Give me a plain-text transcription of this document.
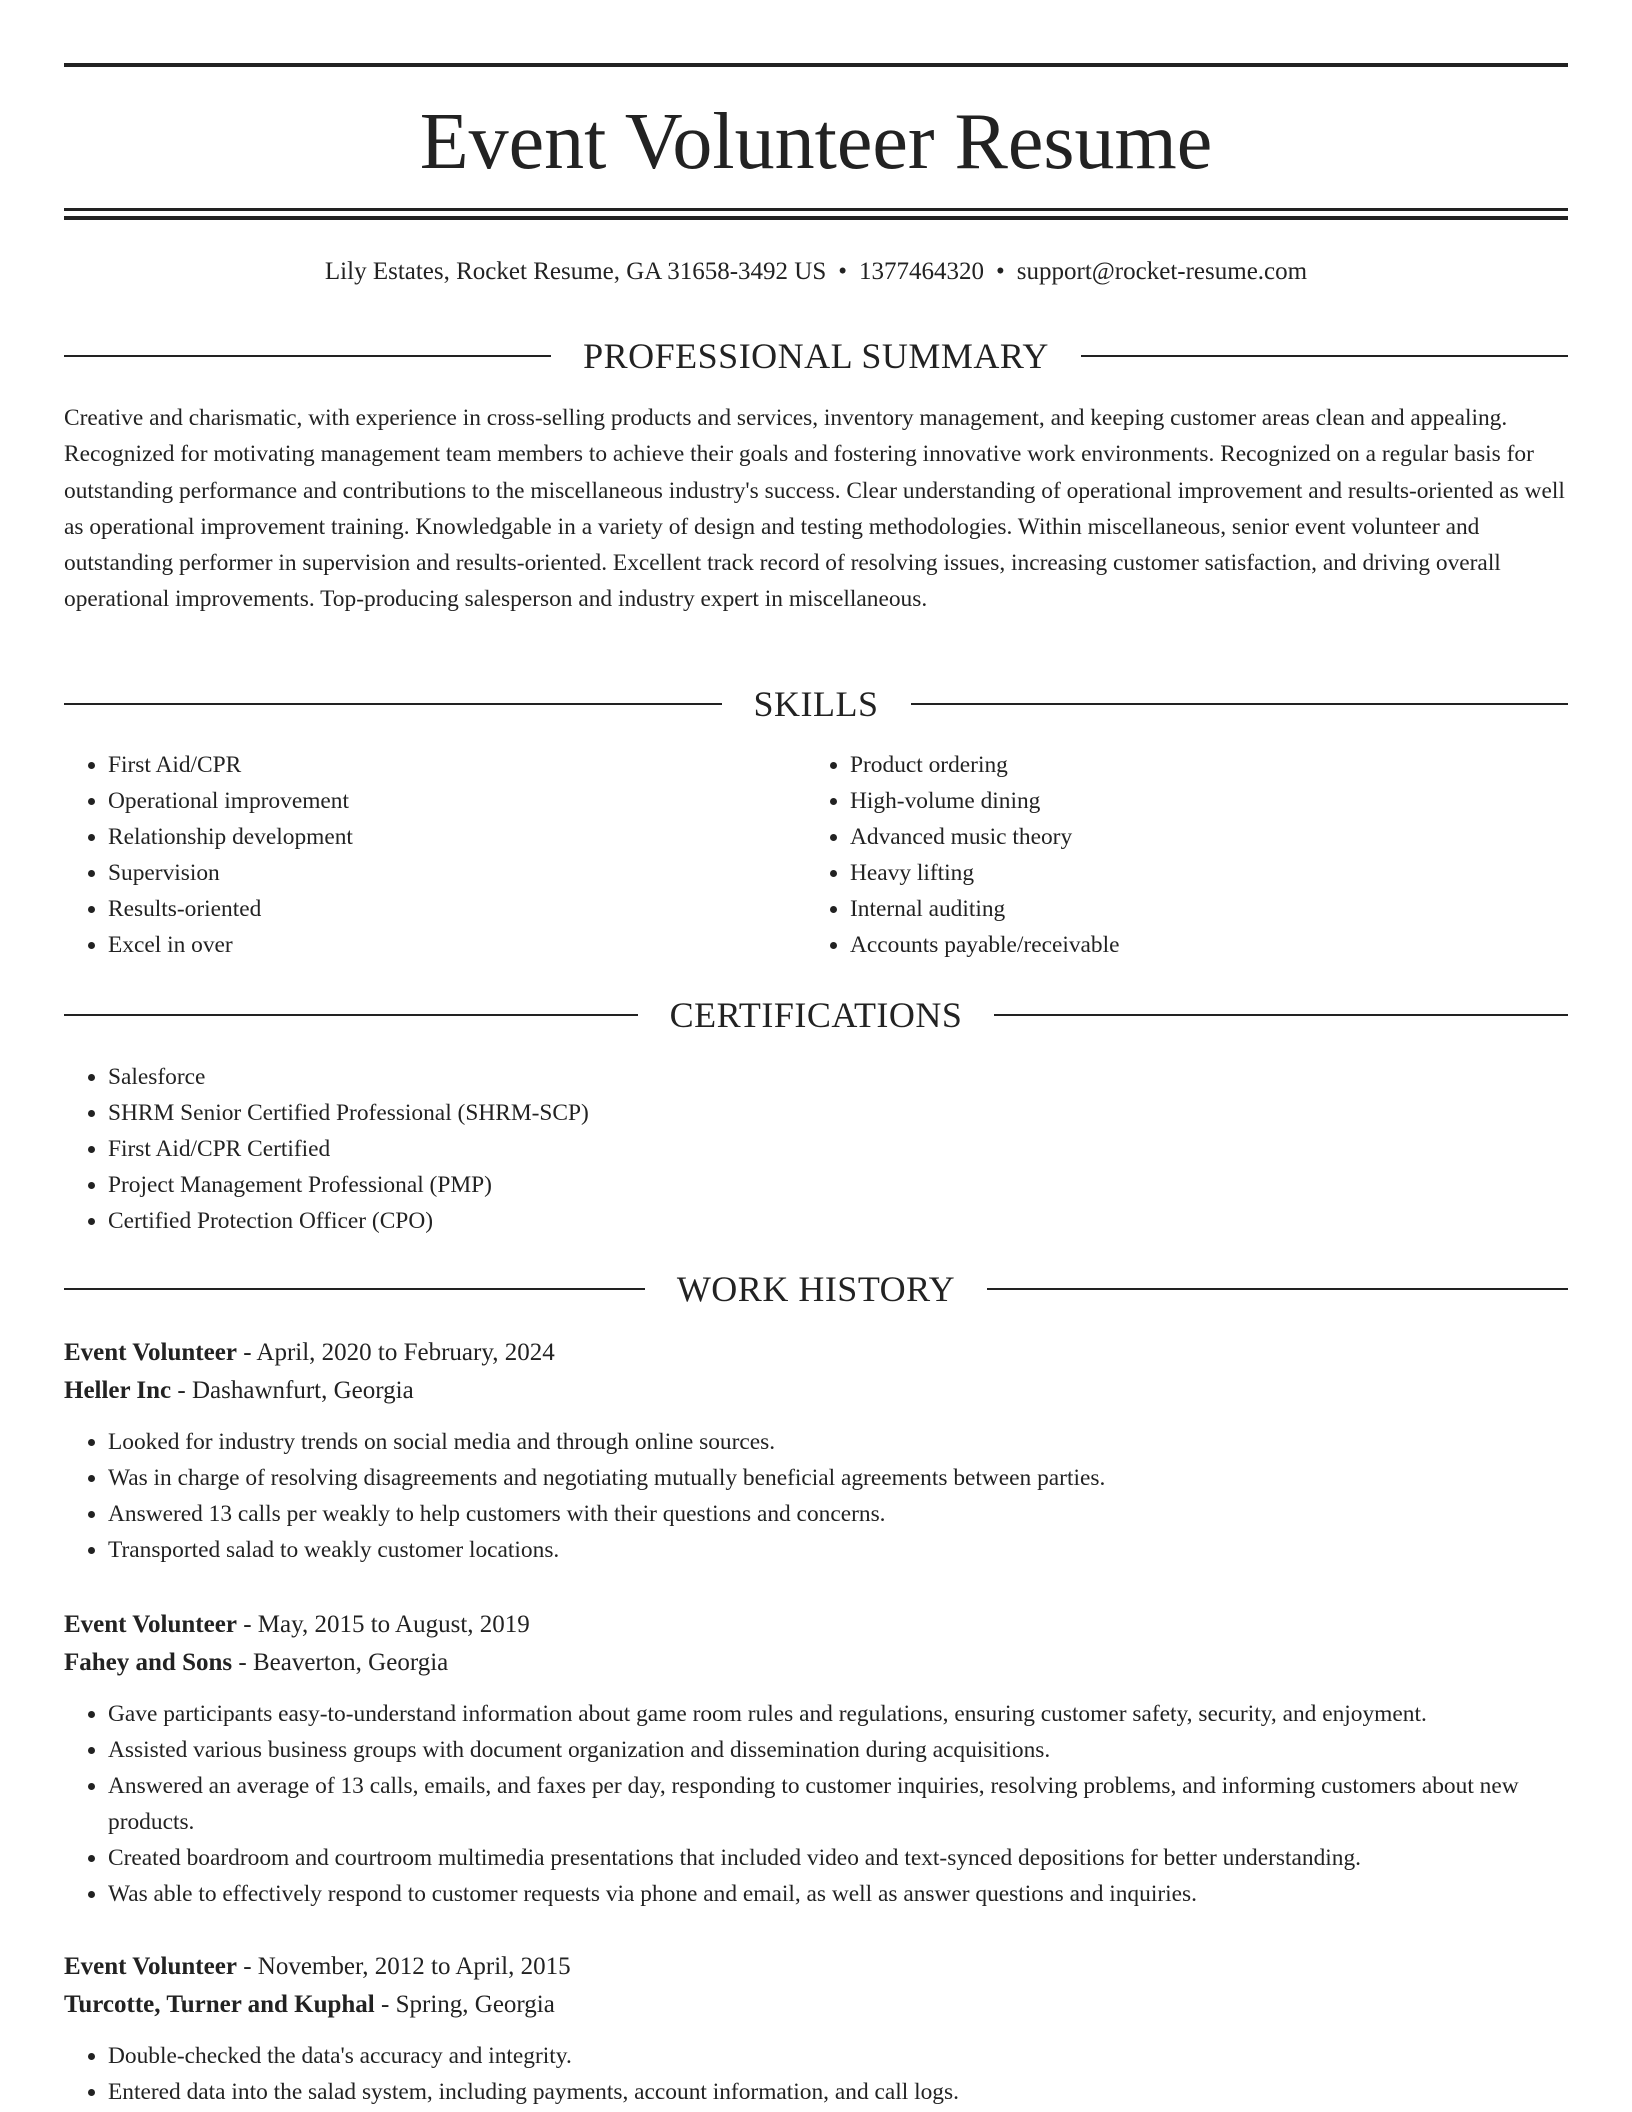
Event Volunteer Resume
Lily Estates, Rocket Resume, GA 31658-3492 US • 1377464320 • support@rocket-resume.com
PROFESSIONAL SUMMARY

Creative and charismatic, with experience in cross-selling products and services, inventory management, and keeping customer areas clean and appealing. Recognized for motivating management team members to achieve their goals and fostering innovative work environments. Recognized on a regular basis for outstanding performance and contributions to the miscellaneous industry's success. Clear understanding of operational improvement and results-oriented as well as operational improvement training. Knowledgable in a variety of design and testing methodologies. Within miscellaneous, senior event volunteer and outstanding performer in supervision and results-oriented. Excellent track record of resolving issues, increasing customer satisfaction, and driving overall operational improvements. Top-producing salesperson and industry expert in miscellaneous.

SKILLS
• First Aid/CPR
• Operational improvement
• Relationship development
• Supervision
• Results-oriented
• Excel in over
• Product ordering
• High-volume dining
• Advanced music theory
• Heavy lifting
• Internal auditing
• Accounts payable/receivable
CERTIFICATIONS
• Salesforce
• SHRM Senior Certified Professional (SHRM-SCP)
• First Aid/CPR Certified
• Project Management Professional (PMP)
• Certified Protection Officer (CPO)
WORK HISTORY
Event Volunteer - April, 2020 to February, 2024
Heller Inc - Dashawnfurt, Georgia
• Looked for industry trends on social media and through online sources.
• Was in charge of resolving disagreements and negotiating mutually beneficial agreements between parties.
• Answered 13 calls per weakly to help customers with their questions and concerns.
• Transported salad to weakly customer locations.
Event Volunteer - May, 2015 to August, 2019
Fahey and Sons - Beaverton, Georgia
• Gave participants easy-to-understand information about game room rules and regulations, ensuring customer safety, security, and enjoyment.
• Assisted various business groups with document organization and dissemination during acquisitions.
• Answered an average of 13 calls, emails, and faxes per day, responding to customer inquiries, resolving problems, and informing customers about new products.
• Created boardroom and courtroom multimedia presentations that included video and text-synced depositions for better understanding.
• Was able to effectively respond to customer requests via phone and email, as well as answer questions and inquiries.
Event Volunteer - November, 2012 to April, 2015
Turcotte, Turner and Kuphal - Spring, Georgia
• Double-checked the data's accuracy and integrity.
• Entered data into the salad system, including payments, account information, and call logs.
